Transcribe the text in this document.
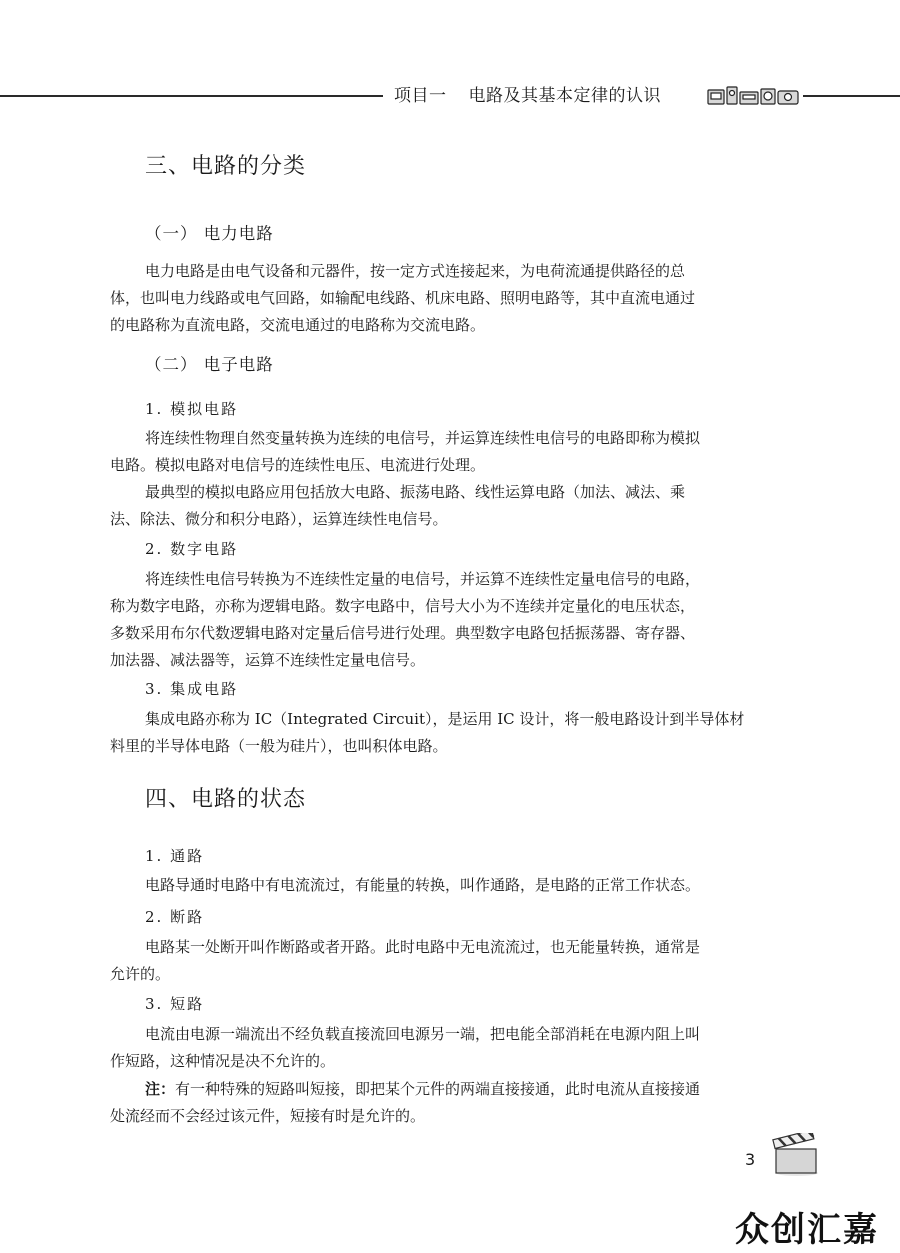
项目一 电路及其基本定律的认识
三、电路的分类
（一） 电力电路
电力电路是由电气设备和元器件，按一定方式连接起来，为电荷流通提供路径的总
体，也叫电力线路或电气回路，如输配电线路、机床电路、照明电路等，其中直流电通过
的电路称为直流电路，交流电通过的电路称为交流电路。
（二） 电子电路
1. 模拟电路
将连续性物理自然变量转换为连续的电信号，并运算连续性电信号的电路即称为模拟
电路。模拟电路对电信号的连续性电压、电流进行处理。
最典型的模拟电路应用包括放大电路、振荡电路、线性运算电路（加法、减法、乘
法、除法、微分和积分电路），运算连续性电信号。
2. 数字电路
将连续性电信号转换为不连续性定量的电信号，并运算不连续性定量电信号的电路，
称为数字电路，亦称为逻辑电路。数字电路中，信号大小为不连续并定量化的电压状态，
多数采用布尔代数逻辑电路对定量后信号进行处理。典型数字电路包括振荡器、寄存器、
加法器、减法器等，运算不连续性定量电信号。
3. 集成电路
集成电路亦称为 IC（Integrated Circuit），是运用 IC 设计，将一般电路设计到半导体材
料里的半导体电路（一般为硅片），也叫积体电路。
四、电路的状态
1. 通路
电路导通时电路中有电流流过，有能量的转换，叫作通路，是电路的正常工作状态。
2. 断路
电路某一处断开叫作断路或者开路。此时电路中无电流流过，也无能量转换，通常是
允许的。
3. 短路
电流由电源一端流出不经负载直接流回电源另一端，把电能全部消耗在电源内阻上叫
作短路，这种情况是决不允许的。
注：有一种特殊的短路叫短接，即把某个元件的两端直接接通，此时电流从直接接通
处流经而不会经过该元件，短接有时是允许的。
3
众创汇嘉
